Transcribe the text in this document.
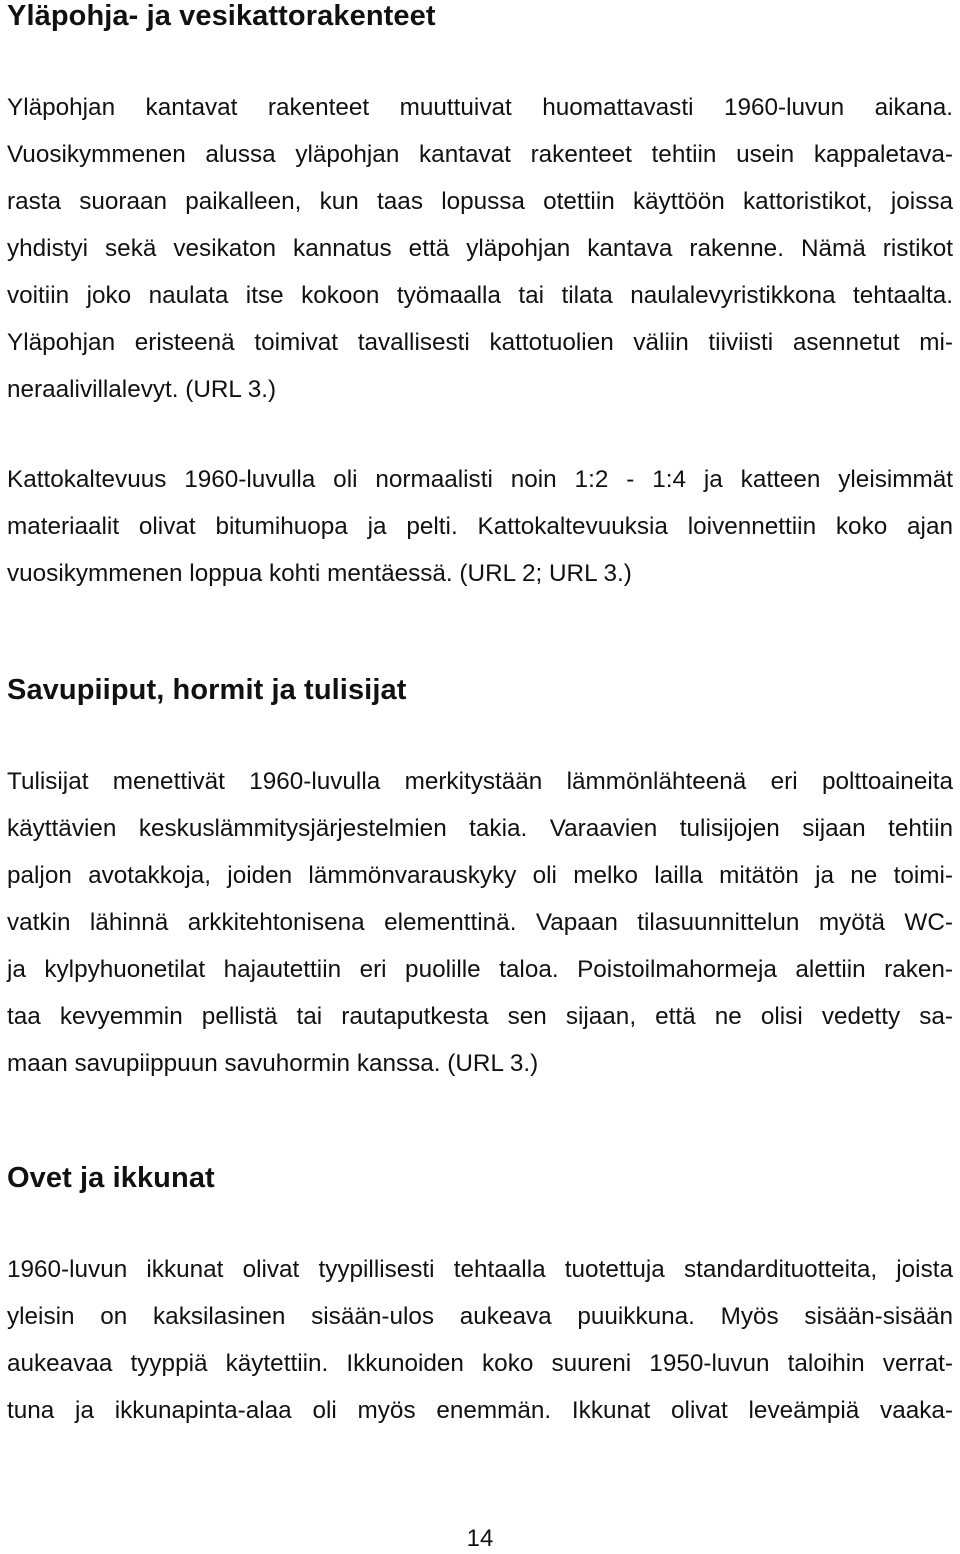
Yläpohja- ja vesikattorakenteet

Yläpohjan kantavat rakenteet muuttuivat huomattavasti 1960-luvun aikana.
Vuosikymmenen alussa yläpohjan kantavat rakenteet tehtiin usein kappaletava-
rasta suoraan paikalleen, kun taas lopussa otettiin käyttöön kattoristikot, joissa
yhdistyi sekä vesikaton kannatus että yläpohjan kantava rakenne. Nämä ristikot
voitiin joko naulata itse kokoon työmaalla tai tilata naulalevyristikkona tehtaalta.
Yläpohjan eristeenä toimivat tavallisesti kattotuolien väliin tiiviisti asennetut mi-
neraalivillalevyt. (URL 3.)

Kattokaltevuus 1960-luvulla oli normaalisti noin 1:2 - 1:4 ja katteen yleisimmät
materiaalit olivat bitumihuopa ja pelti. Kattokaltevuuksia loivennettiin koko ajan
vuosikymmenen loppua kohti mentäessä. (URL 2; URL 3.)

Savupiiput, hormit ja tulisijat

Tulisijat menettivät 1960-luvulla merkitystään lämmönlähteenä eri polttoaineita
käyttävien keskuslämmitysjärjestelmien takia. Varaavien tulisijojen sijaan tehtiin
paljon avotakkoja, joiden lämmönvarauskyky oli melko lailla mitätön ja ne toimi-
vatkin lähinnä arkkitehtonisena elementtinä. Vapaan tilasuunnittelun myötä WC-
ja kylpyhuonetilat hajautettiin eri puolille taloa. Poistoilmahormeja alettiin raken-
taa kevyemmin pellistä tai rautaputkesta sen sijaan, että ne olisi vedetty sa-
maan savupiippuun savuhormin kanssa. (URL 3.)

Ovet ja ikkunat

1960-luvun ikkunat olivat tyypillisesti tehtaalla tuotettuja standardituotteita, joista
yleisin on kaksilasinen sisään-ulos aukeava puuikkuna. Myös sisään-sisään
aukeavaa tyyppiä käytettiin. Ikkunoiden koko suureni 1950-luvun taloihin verrat-
tuna ja ikkunapinta-alaa oli myös enemmän. Ikkunat olivat leveämpiä vaaka-

14
